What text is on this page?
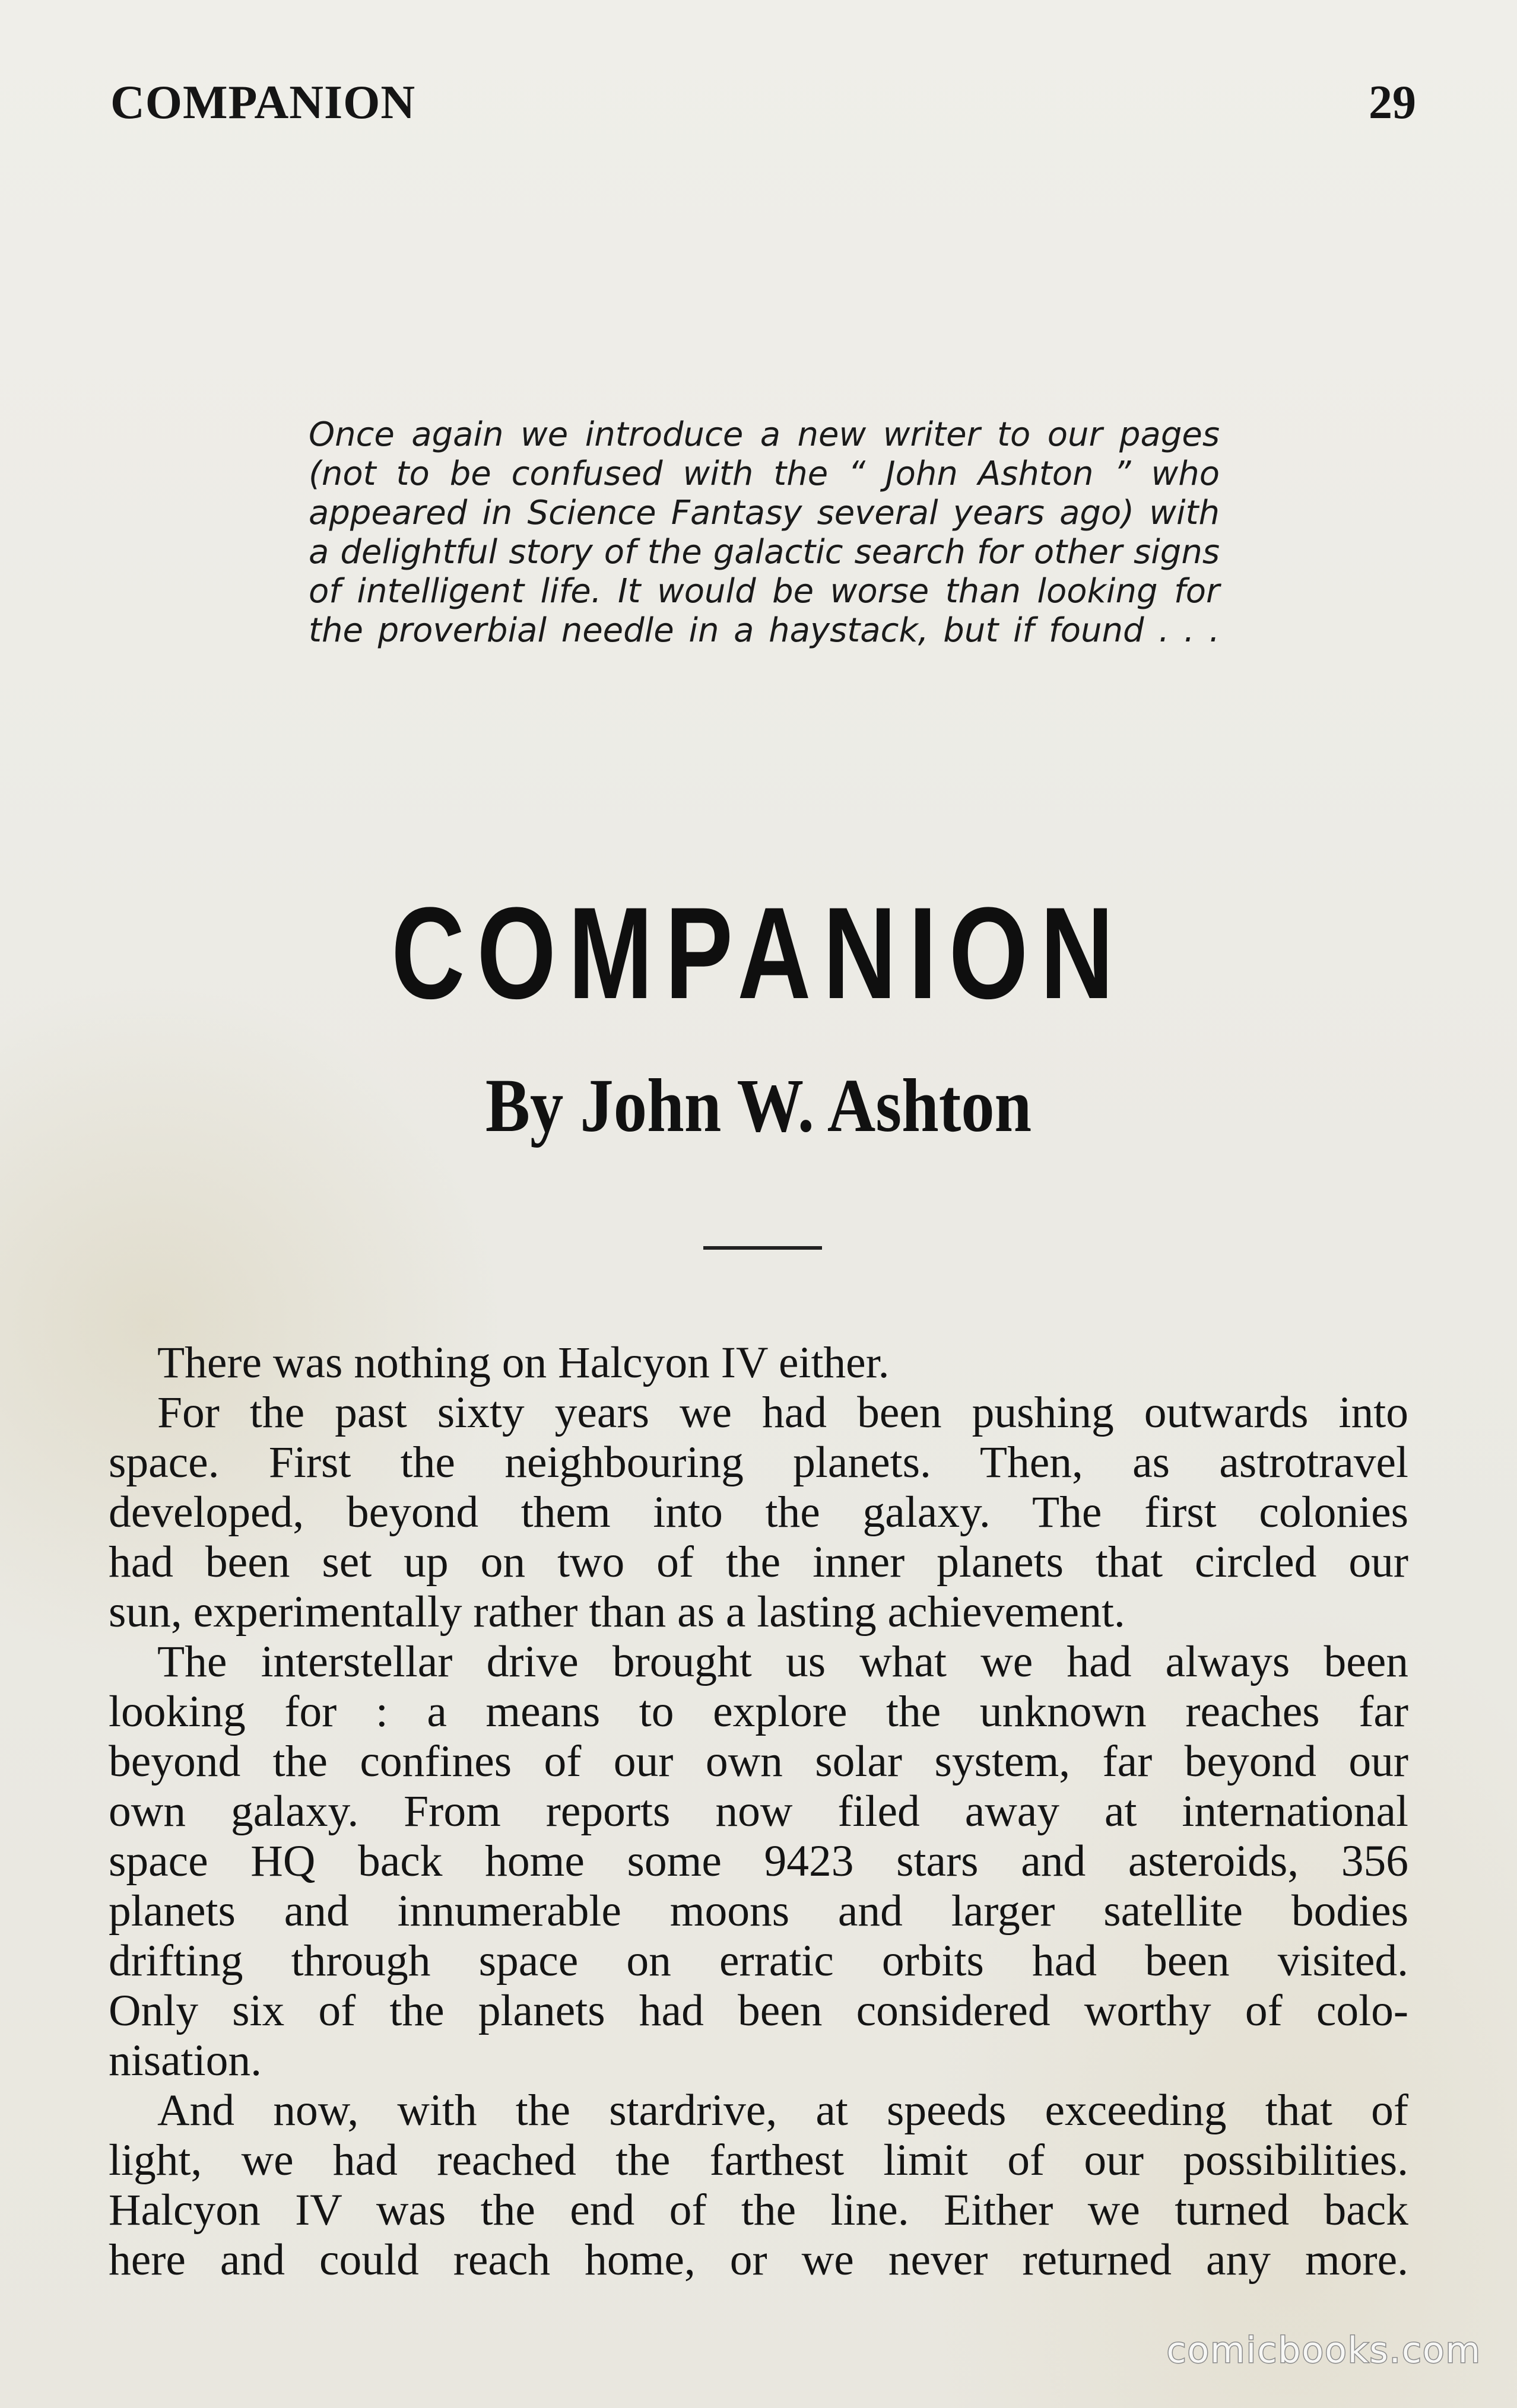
COMPANION	29
Once again we introduce a new writer to our pages
(not to be confused with the “ John Ashton ” who
appeared in Science Fantasy several years ago) with
a delightful story of the galactic search for other signs
of intelligent life. It would be worse than looking for
the proverbial needle in a haystack, but if found . . .
COMPANION
By John W. Ashton
There was nothing on Halcyon IV either.
For the past sixty years we had been pushing outwards into
space. First the neighbouring planets. Then, as astrotravel
developed, beyond them into the galaxy. The first colonies
had been set up on two of the inner planets that circled our
sun, experimentally rather than as a lasting achievement.
The interstellar drive brought us what we had always been
looking for : a means to explore the unknown reaches far
beyond the confines of our own solar system, far beyond our
own galaxy. From reports now filed away at international
space HQ back home some 9423 stars and asteroids, 356
planets and innumerable moons and larger satellite bodies
drifting through space on erratic orbits had been visited.
Only six of the planets had been considered worthy of colo-
nisation.
And now, with the stardrive, at speeds exceeding that of
light, we had reached the farthest limit of our possibilities.
Halcyon IV was the end of the line. Either we turned back
here and could reach home, or we never returned any more.
comicbooks.com
